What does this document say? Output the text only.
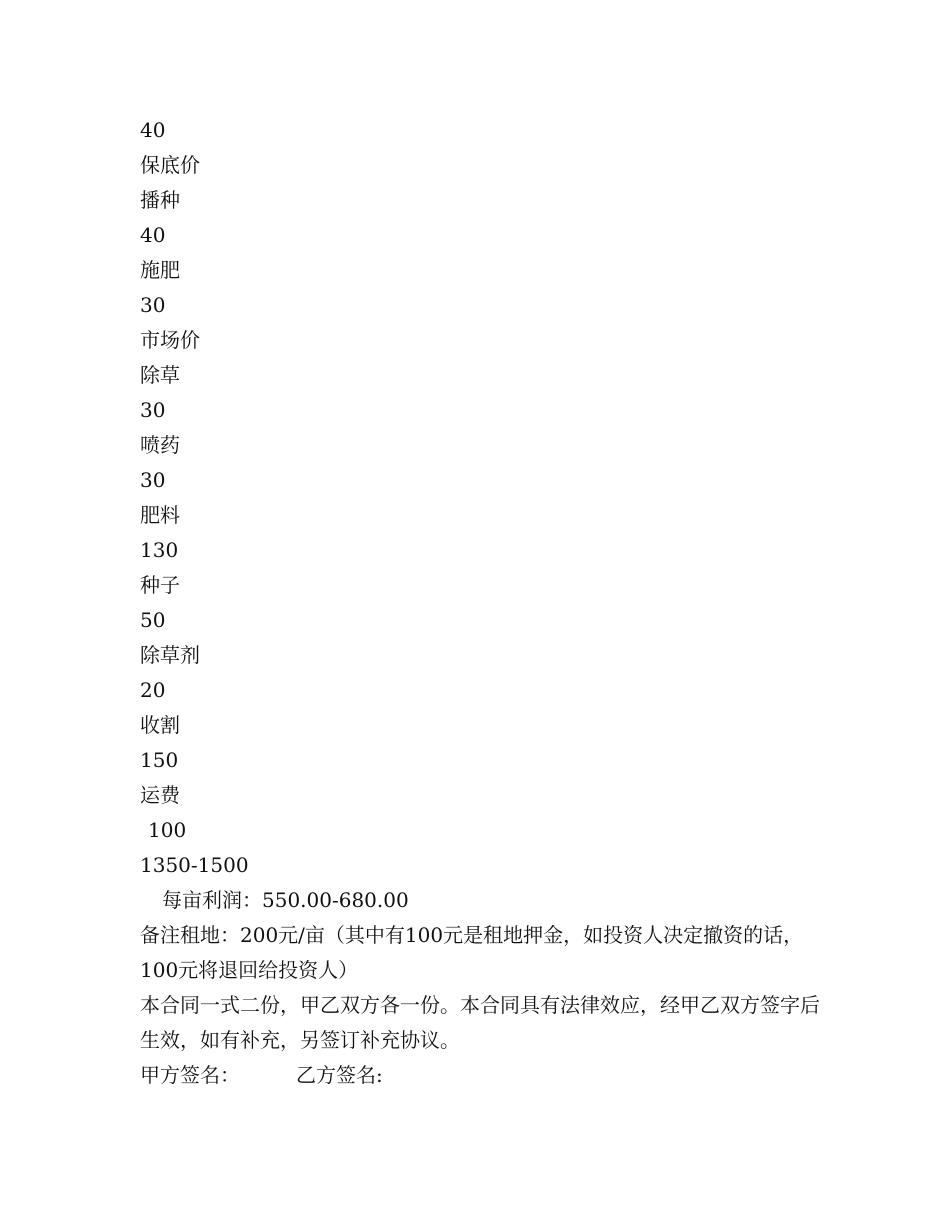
40
保底价
播种
40
施肥
30
市场价
除草
30
喷药
30
肥料
130
种子
50
除草剂
20
收割
150
运费
100
1350-1500
每亩利润：550.00-680.00
备注租地：200元/亩（其中有100元是租地押金，如投资人决定撤资的话，100元将退回给投资人）
本合同一式二份，甲乙双方各一份。本合同具有法律效应，经甲乙双方签字后生效，如有补充，另签订补充协议。
甲方签名：	乙方签名:
